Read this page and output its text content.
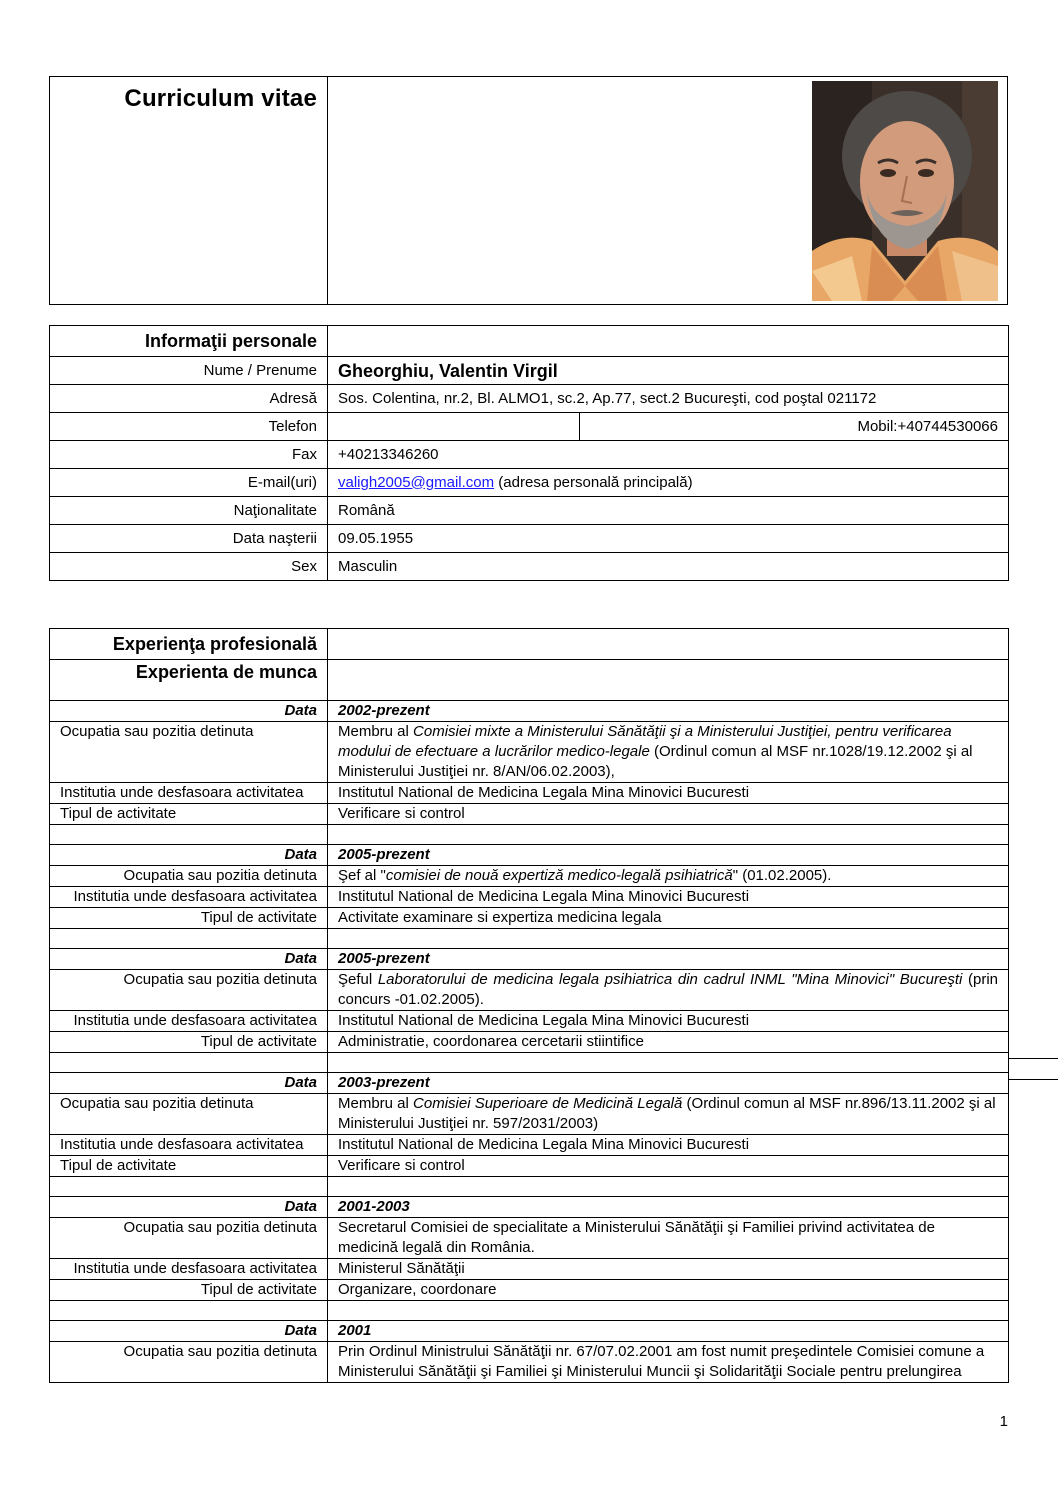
Curriculum vitae
Informaţii personale		
Nume / Prenume	Gheorghiu, Valentin Virgil	
Adresă	Sos. Colentina, nr.2, Bl. ALMO1, sc.2, Ap.77, sect.2 Bucureşti, cod poştal 021172	
Telefon		Mobil:+40744530066
Fax	+40213346260	
E-mail(uri)	valigh2005@gmail.com (adresa personală principală)	
Naţionalitate	Română	
Data naşterii	09.05.1955	
Sex	Masculin	
Experienţa profesională	
Experienta de munca	
Data	2002-prezent
Ocupatia sau pozitia detinuta	Membru al Comisiei mixte a Ministerului Sănătăţii şi a Ministerului Justiţiei, pentru verificarea modului de efectuare a lucrărilor medico-legale (Ordinul comun al MSF nr.1028/19.12.2002 şi al Ministerului Justiţiei nr. 8/AN/06.02.2003),
Institutia unde desfasoara activitatea	Institutul National de Medicina Legala Mina Minovici Bucuresti
Tipul de activitate	Verificare si control

Data	2005-prezent
Ocupatia sau pozitia detinuta	Şef al "comisiei de nouă expertiză medico-legală psihiatrică" (01.02.2005).
Institutia unde desfasoara activitatea	Institutul National de Medicina Legala Mina Minovici Bucuresti
Tipul de activitate	Activitate examinare si expertiza medicina legala

Data	2005-prezent
Ocupatia sau pozitia detinuta	Şeful Laboratorului de medicina legala psihiatrica din cadrul INML "Mina Minovici" Bucureşti (prin concurs -01.02.2005).
Institutia unde desfasoara activitatea	Institutul National de Medicina Legala Mina Minovici Bucuresti
Tipul de activitate	Administratie, coordonarea cercetarii stiintifice

Data	2003-prezent
Ocupatia sau pozitia detinuta	Membru al Comisiei Superioare de Medicină Legală (Ordinul comun al MSF nr.896/13.11.2002 şi al Ministerului Justiţiei nr. 597/2031/2003)
Institutia unde desfasoara activitatea	Institutul National de Medicina Legala Mina Minovici Bucuresti
Tipul de activitate	Verificare si control

Data	2001-2003
Ocupatia sau pozitia detinuta	Secretarul Comisiei de specialitate a Ministerului Sănătăţii şi Familiei privind activitatea de medicină legală din România.
Institutia unde desfasoara activitatea	Ministerul Sănătăţii
Tipul de activitate	Organizare, coordonare

Data	2001
Ocupatia sau pozitia detinuta	Prin Ordinul Ministrului Sănătăţii nr. 67/07.02.2001 am fost numit preşedintele Comisiei comune a Ministerului Sănătăţii şi Familiei şi Ministerului Muncii şi Solidarităţii Sociale pentru prelungirea
1
